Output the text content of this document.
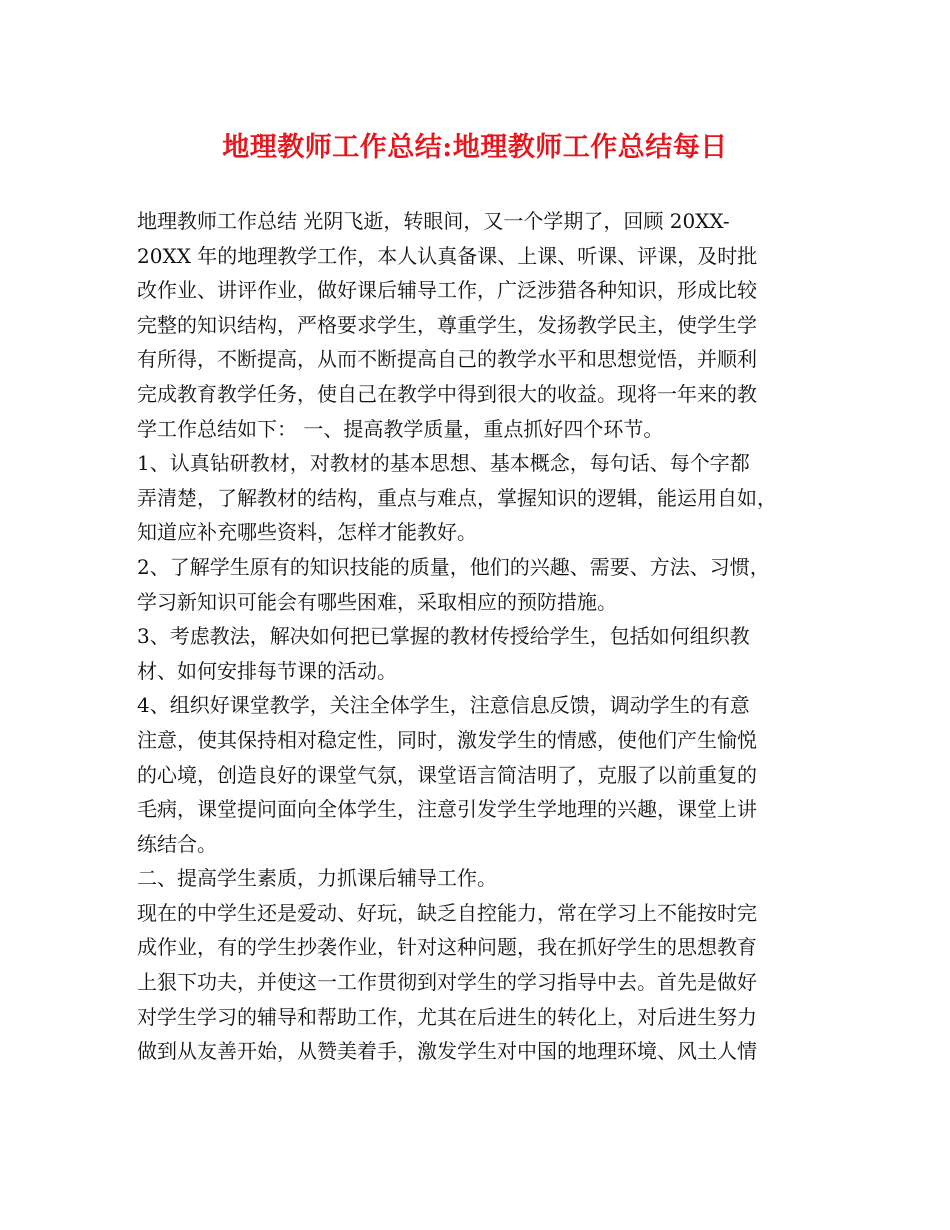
地理教师工作总结:地理教师工作总结每日
地理教师工作总结 光阴飞逝，转眼间，又一个学期了，回顾 20XX-
20XX 年的地理教学工作，本人认真备课、上课、听课、评课，及时批
改作业、讲评作业，做好课后辅导工作，广泛涉猎各种知识，形成比较
完整的知识结构，严格要求学生，尊重学生，发扬教学民主，使学生学
有所得，不断提高，从而不断提高自己的教学水平和思想觉悟，并顺利
完成教育教学任务，使自己在教学中得到很大的收益。现将一年来的教
学工作总结如下： 一、提高教学质量，重点抓好四个环节。
1、认真钻研教材，对教材的基本思想、基本概念，每句话、每个字都
弄清楚，了解教材的结构，重点与难点，掌握知识的逻辑，能运用自如，
知道应补充哪些资料，怎样才能教好。
2、了解学生原有的知识技能的质量，他们的兴趣、需要、方法、习惯，
学习新知识可能会有哪些困难，采取相应的预防措施。
3、考虑教法，解决如何把已掌握的教材传授给学生，包括如何组织教
材、如何安排每节课的活动。
4、组织好课堂教学，关注全体学生，注意信息反馈，调动学生的有意
注意，使其保持相对稳定性，同时，激发学生的情感，使他们产生愉悦
的心境，创造良好的课堂气氛，课堂语言简洁明了，克服了以前重复的
毛病，课堂提问面向全体学生，注意引发学生学地理的兴趣，课堂上讲
练结合。
二、提高学生素质，力抓课后辅导工作。
现在的中学生还是爱动、好玩，缺乏自控能力，常在学习上不能按时完
成作业，有的学生抄袭作业，针对这种问题，我在抓好学生的思想教育
上狠下功夫，并使这一工作贯彻到对学生的学习指导中去。首先是做好
对学生学习的辅导和帮助工作，尤其在后进生的转化上，对后进生努力
做到从友善开始，从赞美着手，激发学生对中国的地理环境、风土人情
